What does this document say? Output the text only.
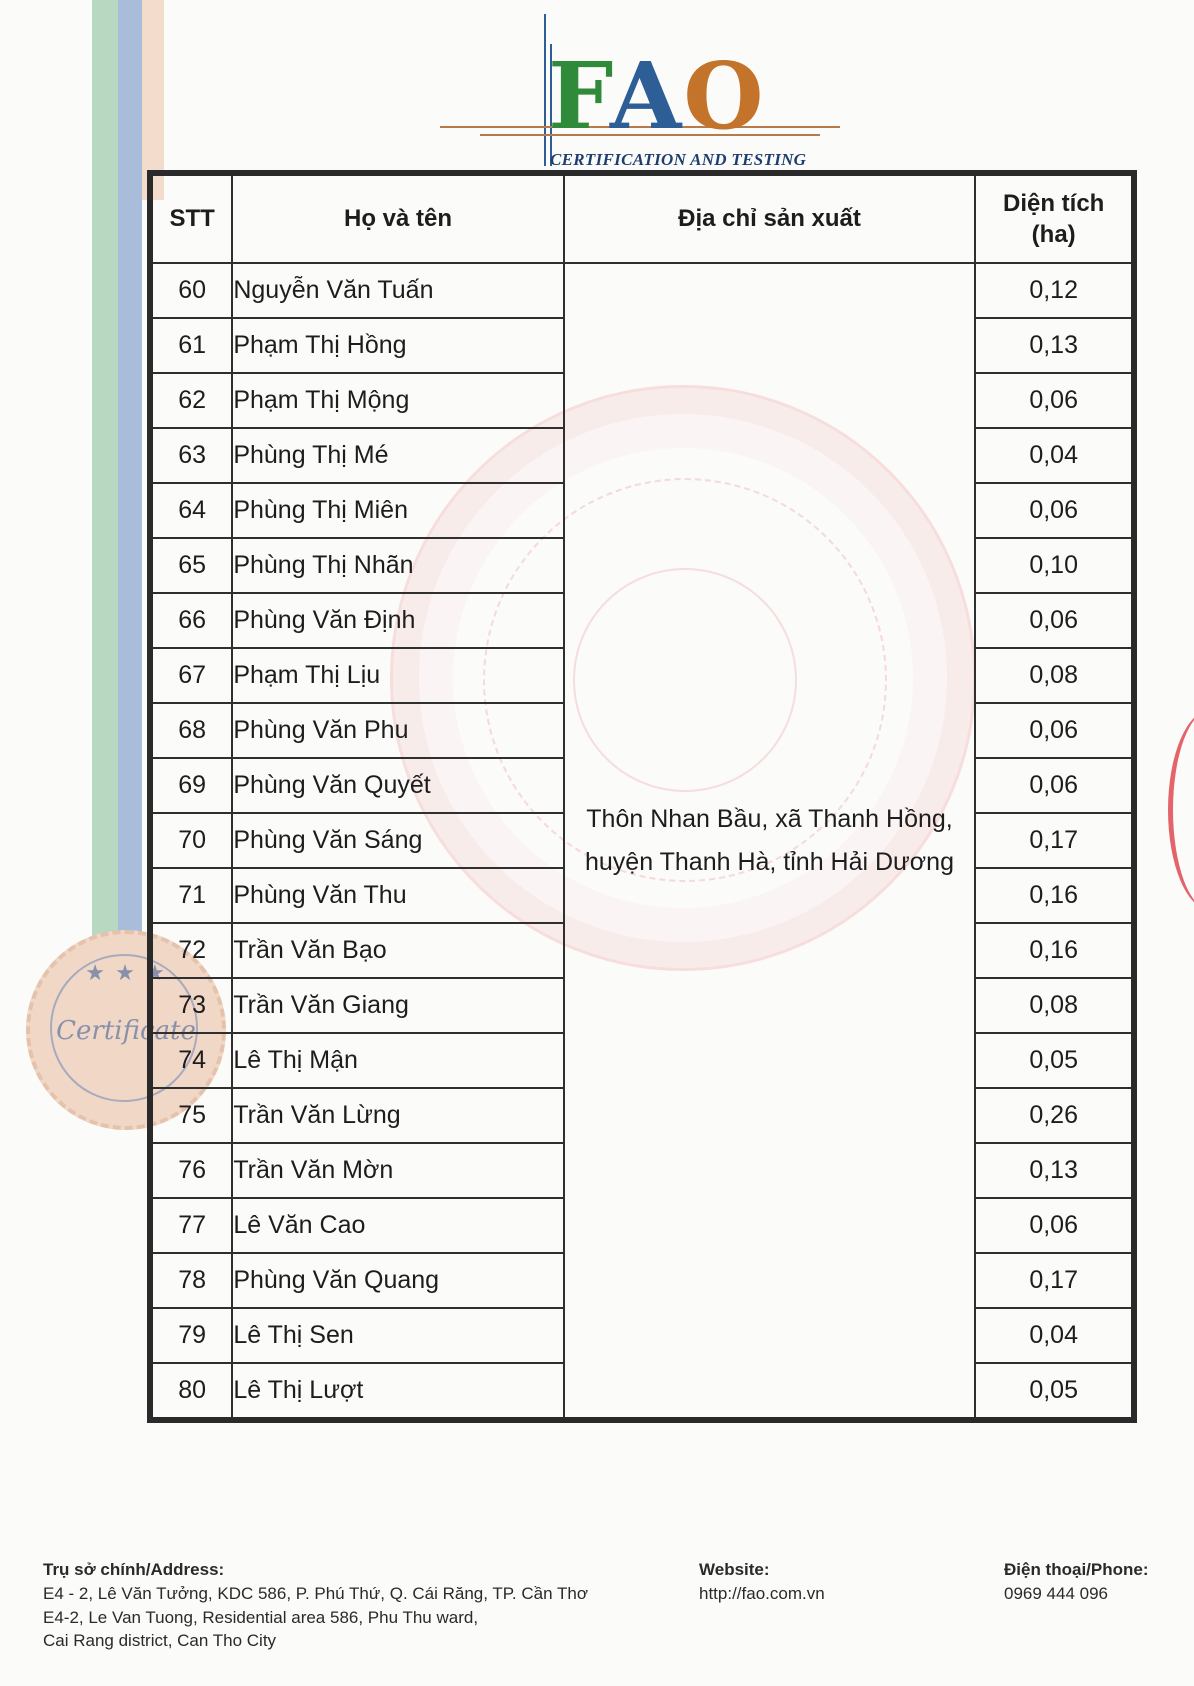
FAO
CERTIFICATION AND TESTING
★ ★ ★
Certificate
STT	Họ và tên	Địa chỉ sản xuất	Diện tích
(ha)

60	Nguyễn Văn Tuấn	Thôn Nhan Bầu, xã Thanh Hồng,
huyện Thanh Hà, tỉnh Hải Dương	0,12
61	Phạm Thị Hồng		0,13
62	Phạm Thị Mộng		0,06
63	Phùng Thị Mé		0,04
64	Phùng Thị Miên		0,06
65	Phùng Thị Nhãn		0,10
66	Phùng Văn Định		0,06
67	Phạm Thị Lịu		0,08
68	Phùng Văn Phu		0,06
69	Phùng Văn Quyết		0,06
70	Phùng Văn Sáng		0,17
71	Phùng Văn Thu		0,16
72	Trần Văn Bạo		0,16
73	Trần Văn Giang		0,08
74	Lê Thị Mận		0,05
75	Trần Văn Lừng		0,26
76	Trần Văn Mờn		0,13
77	Lê Văn Cao		0,06
78	Phùng Văn Quang		0,17
79	Lê Thị Sen		0,04
80	Lê Thị Lượt		0,05
Trụ sở chính/Address:
E4 - 2, Lê Văn Tưởng, KDC 586, P. Phú Thứ, Q. Cái Răng, TP. Cần Thơ
E4-2, Le Van Tuong, Residential area 586, Phu Thu ward,
Cai Rang district, Can Tho City
Website:
http://fao.com.vn
Điện thoại/Phone:
0969 444 096
